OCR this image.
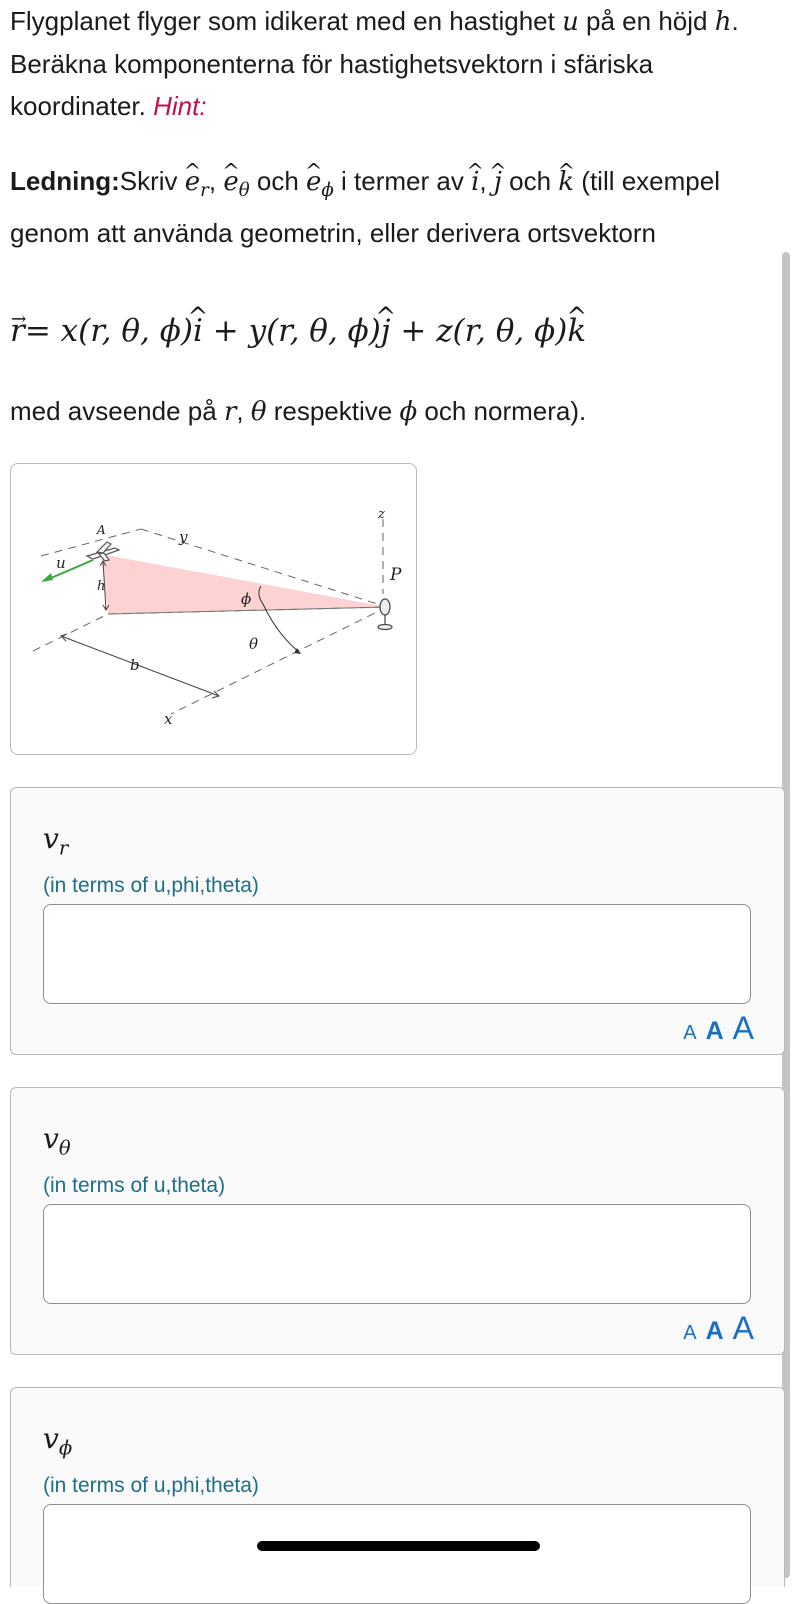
Flygplanet flyger som idikerat med en hastighet u på en höjd h. Beräkna komponenterna för hastighetsvektorn i sfäriska koordinater. Hint:

Ledning:Skriv ^ $e_r$, ^ $e_\theta$ och ^ $e_\phi$ i termer av ^ i, ^ j och ^ k (till exempel genom att använda geometrin, eller derivera ortsvektorn

→ r= x(r, θ, ϕ)^ i + y(r, θ, ϕ)^ j + z(r, θ, ϕ)^ k

med avseende på r, θ respektive ϕ och normera).

A	y
z
u
h
P
ϕ
θ
b
x
$v_r$
(in terms of u,phi,theta)
A A A
$v_\theta$
(in terms of u,theta)
A A A
$v_\phi$
(in terms of u,phi,theta)
